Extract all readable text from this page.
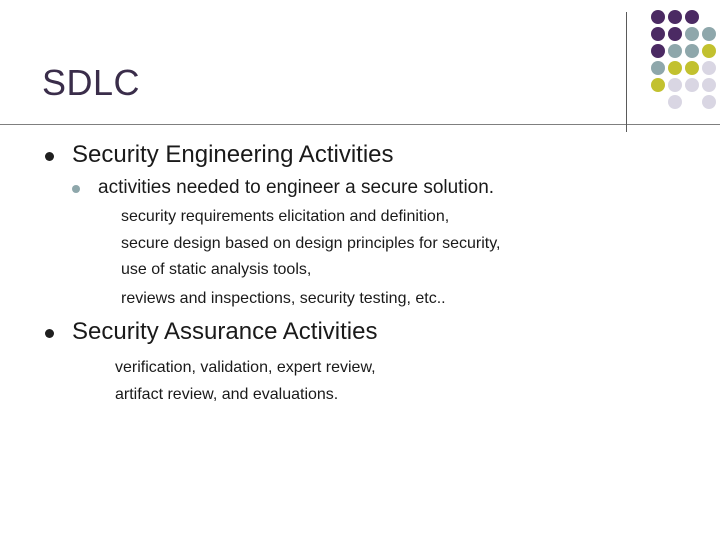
SDLC
Security Engineering Activities
activities needed to engineer a secure solution.
security requirements elicitation and definition,
secure design based on design principles for security,
use of static analysis tools,
reviews and inspections, security testing, etc..
Security Assurance Activities
verification, validation, expert review,
artifact review, and evaluations.
